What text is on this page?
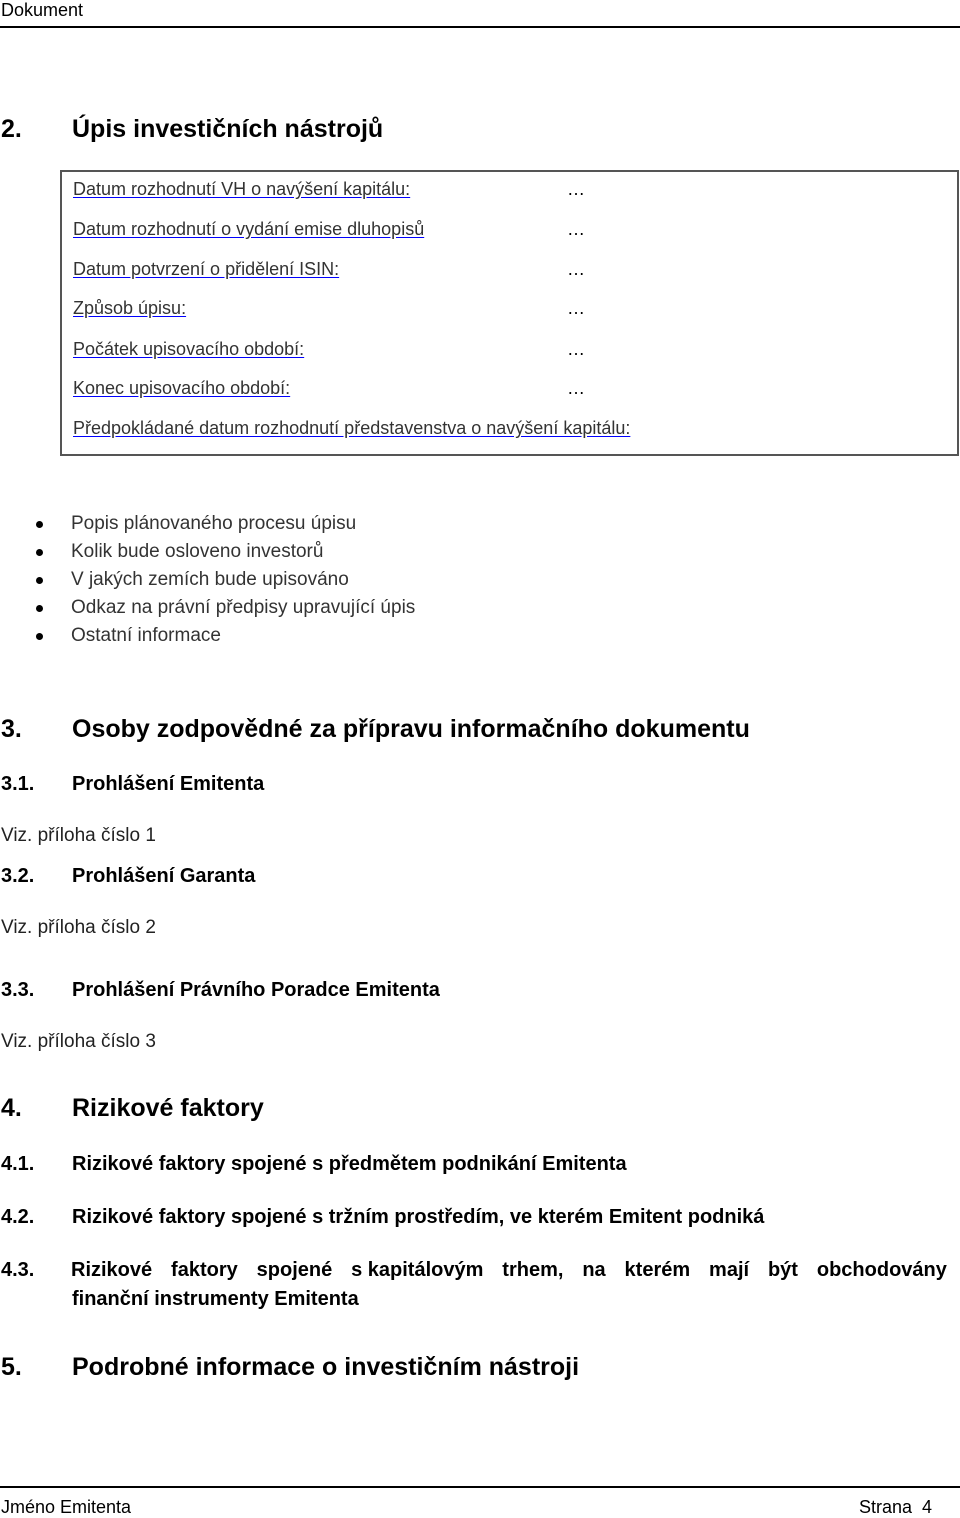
Dokument
2. Úpis investičních nástrojů
Datum rozhodnutí VH o navýšení kapitálu:	…
Datum rozhodnutí o vydání emise dluhopisů	…
Datum potvrzení o přidělení ISIN:	…
Způsob úpisu:	…
Počátek upisovacího období:	…
Konec upisovacího období:	…
Předpokládané datum rozhodnutí představenstva o navýšení kapitálu:
Popis plánovaného procesu úpisu
Kolik bude osloveno investorů
V jakých zemích bude upisováno
Odkaz na právní předpisy upravující úpis
Ostatní informace
3. Osoby zodpovědné za přípravu informačního dokumentu
3.1. Prohlášení Emitenta
Viz. příloha číslo 1
3.2. Prohlášení Garanta
Viz. příloha číslo 2
3.3. Prohlášení Právního Poradce Emitenta
Viz. příloha číslo 3
4. Rizikové faktory
4.1. Rizikové faktory spojené s předmětem podnikání Emitenta
4.2. Rizikové faktory spojené s tržním prostředím, ve kterém Emitent podniká
4.3. Rizikové faktory spojené s kapitálovým trhem, na kterém mají být obchodovány
finanční instrumenty Emitenta
5. Podrobné informace o investičním nástroji
Jméno Emitenta	Strana 4
